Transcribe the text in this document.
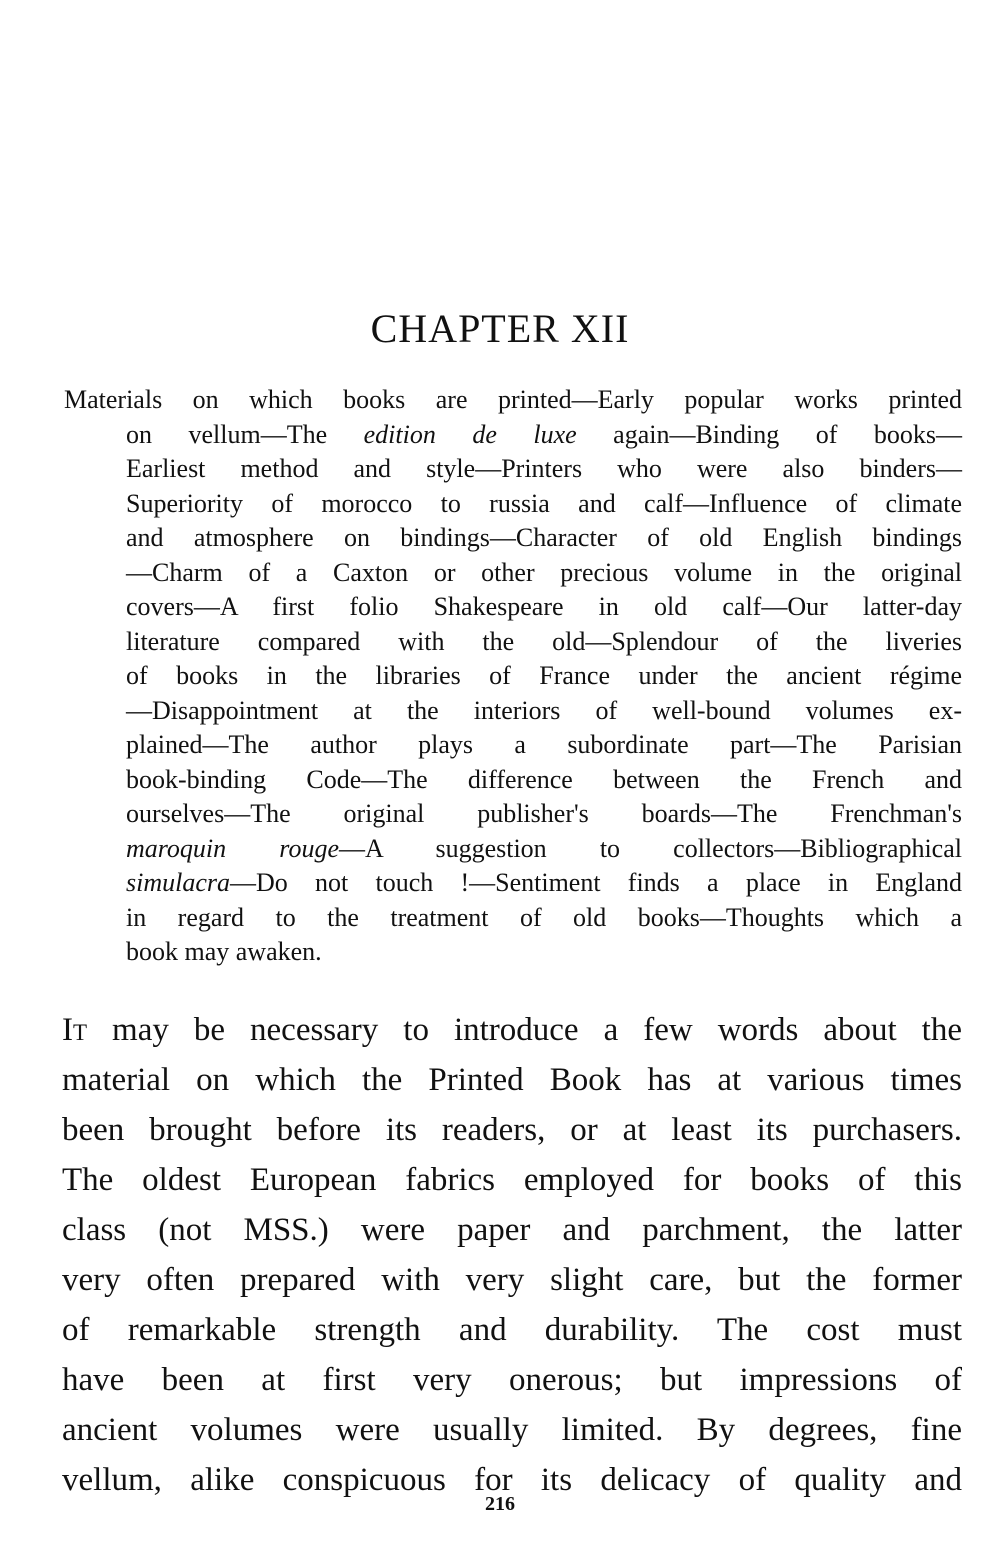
CHAPTER XII
Materials on which books are printed—Early popular works printed
on vellum—The edition de luxe again—Binding of books—
Earliest method and style—Printers who were also binders—
Superiority of morocco to russia and calf—Influence of climate
and atmosphere on bindings—Character of old English bindings
—Charm of a Caxton or other precious volume in the original
covers—A first folio Shakespeare in old calf—Our latter-day
literature compared with the old—Splendour of the liveries
of books in the libraries of France under the ancient régime
—Disappointment at the interiors of well-bound volumes ex-
plained—The author plays a subordinate part—The Parisian
book-binding Code—The difference between the French and
ourselves—The original publisher's boards—The Frenchman's
maroquin rouge—A suggestion to collectors—Bibliographical
simulacra—Do not touch !—Sentiment finds a place in England
in regard to the treatment of old books—Thoughts which a
book may awaken.
It may be necessary to introduce a few words about the
material on which the Printed Book has at various times
been brought before its readers, or at least its purchasers.
The oldest European fabrics employed for books of this
class (not MSS.) were paper and parchment, the latter
very often prepared with very slight care, but the former
of remarkable strength and durability. The cost must
have been at first very onerous; but impressions of
ancient volumes were usually limited. By degrees, fine
vellum, alike conspicuous for its delicacy of quality and
216
